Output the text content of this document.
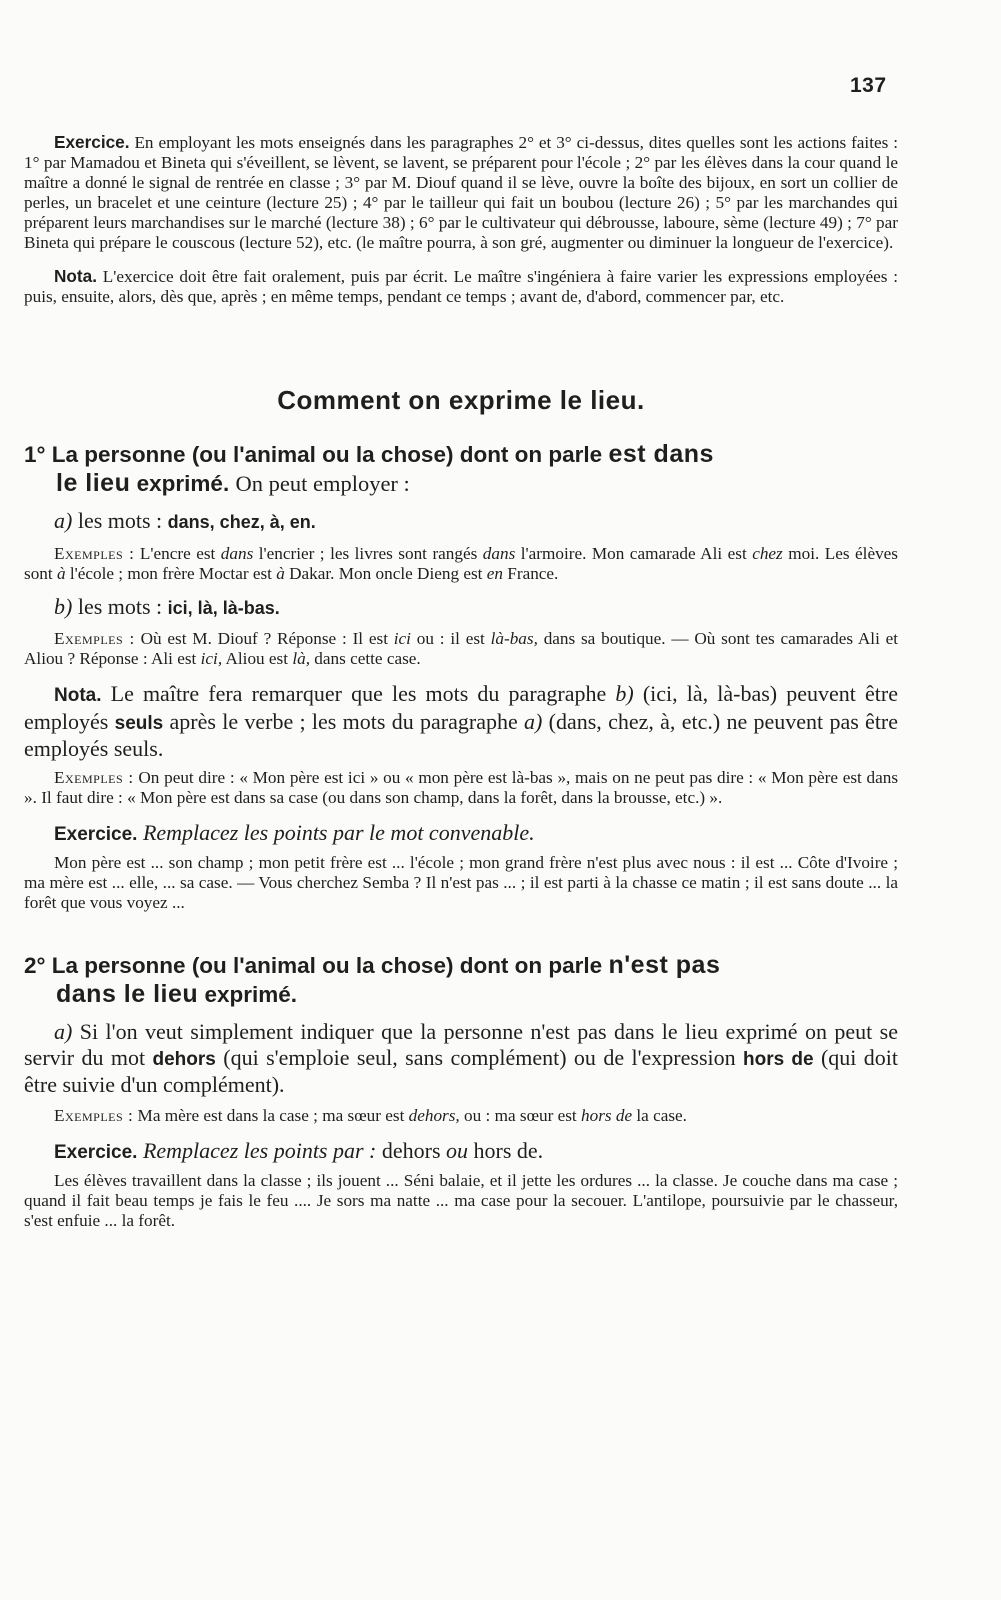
137

Exercice. En employant les mots enseignés dans les paragraphes 2° et 3° ci-dessus, dites quelles sont les actions faites : 1° par Mamadou et Bineta qui s'éveillent, se lèvent, se lavent, se préparent pour l'école ; 2° par les élèves dans la cour quand le maître a donné le signal de rentrée en classe ; 3° par M. Diouf quand il se lève, ouvre la boîte des bijoux, en sort un collier de perles, un bracelet et une ceinture (lecture 25) ; 4° par le tailleur qui fait un boubou (lecture 26) ; 5° par les marchandes qui préparent leurs marchandises sur le marché (lecture 38) ; 6° par le cultivateur qui débrousse, laboure, sème (lecture 49) ; 7° par Bineta qui prépare le couscous (lecture 52), etc. (le maître pourra, à son gré, augmenter ou diminuer la longueur de l'exercice).

Nota. L'exercice doit être fait oralement, puis par écrit. Le maître s'ingéniera à faire varier les expressions employées : puis, ensuite, alors, dès que, après ; en même temps, pendant ce temps ; avant de, d'abord, commencer par, etc.

Comment on exprime le lieu.
1° La personne (ou l'animal ou la chose) dont on parle est dans
le lieu exprimé. On peut employer :

a) les mots : dans, chez, à, en.

Exemples : L'encre est dans l'encrier ; les livres sont rangés dans l'armoire. Mon camarade Ali est chez moi. Les élèves sont à l'école ; mon frère Moctar est à Dakar. Mon oncle Dieng est en France.

b) les mots : ici, là, là-bas.

Exemples : Où est M. Diouf ? Réponse : Il est ici ou : il est là-bas, dans sa boutique. — Où sont tes camarades Ali et Aliou ? Réponse : Ali est ici, Aliou est là, dans cette case.

Nota. Le maître fera remarquer que les mots du paragraphe b) (ici, là, là-bas) peuvent être employés seuls après le verbe ; les mots du paragraphe a) (dans, chez, à, etc.) ne peuvent pas être employés seuls.

Exemples : On peut dire : « Mon père est ici » ou « mon père est là-bas », mais on ne peut pas dire : « Mon père est dans ». Il faut dire : « Mon père est dans sa case (ou dans son champ, dans la forêt, dans la brousse, etc.) ».

Exercice. Remplacez les points par le mot convenable.

Mon père est ... son champ ; mon petit frère est ... l'école ; mon grand frère n'est plus avec nous : il est ... Côte d'Ivoire ; ma mère est ... elle, ... sa case. — Vous cherchez Semba ? Il n'est pas ... ; il est parti à la chasse ce matin ; il est sans doute ... la forêt que vous voyez ...

2° La personne (ou l'animal ou la chose) dont on parle n'est pas
dans le lieu exprimé.

a) Si l'on veut simplement indiquer que la personne n'est pas dans le lieu exprimé on peut se servir du mot dehors (qui s'emploie seul, sans complément) ou de l'expression hors de (qui doit être suivie d'un complément).

Exemples : Ma mère est dans la case ; ma sœur est dehors, ou : ma sœur est hors de la case.

Exercice. Remplacez les points par : dehors ou hors de.

Les élèves travaillent dans la classe ; ils jouent ... Séni balaie, et il jette les ordures ... la classe. Je couche dans ma case ; quand il fait beau temps je fais le feu .... Je sors ma natte ... ma case pour la secouer. L'antilope, poursuivie par le chasseur, s'est enfuie ... la forêt.
